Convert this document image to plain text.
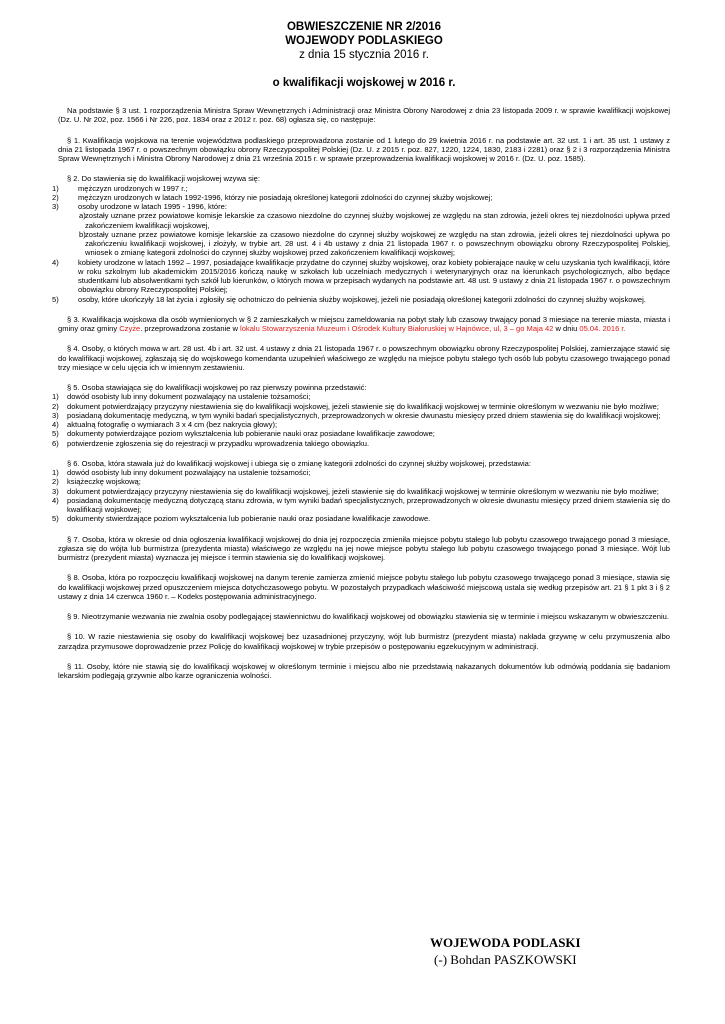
OBWIESZCZENIE NR 2/2016
WOJEWODY PODLASKIEGO
z dnia 15 stycznia 2016 r.
o kwalifikacji wojskowej w 2016 r.

Na podstawie § 3 ust. 1 rozporządzenia Ministra Spraw Wewnętrznych i Administracji oraz Ministra Obrony Narodowej z dnia 23 listopada 2009 r. w sprawie kwalifikacji wojskowej (Dz. U. Nr 202, poz. 1566 i Nr 226, poz. 1834 oraz z 2012 r. poz. 68) ogłasza się, co następuje:

§ 1. Kwalifikacja wojskowa na terenie województwa podlaskiego przeprowadzona zostanie od 1 lutego do 29 kwietnia 2016 r. na podstawie art. 32 ust. 1 i art. 35 ust. 1 ustawy z dnia 21 listopada 1967 r. o powszechnym obowiązku obrony Rzeczypospolitej Polskiej (Dz. U. z 2015 r. poz. 827, 1220, 1224, 1830, 2183 i 2281) oraz § 2 i 3 rozporządzenia Ministra Spraw Wewnętrznych i Ministra Obrony Narodowej z dnia 21 września 2015 r. w sprawie przeprowadzenia kwalifikacji wojskowej w 2016 r. (Dz. U. poz. 1585).

§ 2. Do stawienia się do kwalifikacji wojskowej wzywa się:

1)	mężczyzn urodzonych w 1997 r.;
2)	mężczyzn urodzonych w latach 1992-1996, którzy nie posiadają określonej kategorii zdolności do czynnej służby wojskowej;
3)	osoby urodzone w latach 1995 - 1996, które:
a) zostały uznane przez powiatowe komisje lekarskie za czasowo niezdolne do czynnej służby wojskowej ze względu na stan zdrowia, jeżeli okres tej niezdolności upływa przed zakończeniem kwalifikacji wojskowej,
b) zostały uznane przez powiatowe komisje lekarskie za czasowo niezdolne do czynnej służby wojskowej ze względu na stan zdrowia, jeżeli okres tej niezdolności upływa po zakończeniu kwalifikacji wojskowej, i złożyły, w trybie art. 28 ust. 4 i 4b ustawy z dnia 21 listopada 1967 r. o powszechnym obowiązku obrony Rzeczypospolitej Polskiej, wniosek o zmianę kategorii zdolności do czynnej służby wojskowej przed zakończeniem kwalifikacji wojskowej;
4)	kobiety urodzone w latach 1992 – 1997, posiadające kwalifikacje przydatne do czynnej służby wojskowej, oraz kobiety pobierające naukę w celu uzyskania tych kwalifikacji, które w roku szkolnym lub akademickim 2015/2016 kończą naukę w szkołach lub uczelniach medycznych i weterynaryjnych oraz na kierunkach psychologicznych, albo będące studentkami lub absolwentkami tych szkół lub kierunków, o których mowa w przepisach wydanych na podstawie art. 48 ust. 9 ustawy z dnia 21 listopada 1967 r. o powszechnym obowiązku obrony Rzeczypospolitej Polskiej;
5)	osoby, które ukończyły 18 lat życia i zgłosiły się ochotniczo do pełnienia służby wojskowej, jeżeli nie posiadają określonej kategorii zdolności do czynnej służby wojskowej.

§ 3. Kwalifikacja wojskowa dla osób wymienionych w § 2 zamieszkałych w miejscu zameldowania na pobyt stały lub czasowy trwający ponad 3 miesiące na terenie miasta, miasta i gminy oraz gminy Czyże. przeprowadzona zostanie w lokalu Stowarzyszenia Muzeum i Ośrodek Kultury Białoruskiej w Hajnówce, ul, 3 – go Maja 42 w dniu 05.04. 2016 r.

§ 4. Osoby, o których mowa w art. 28 ust. 4b i art. 32 ust. 4 ustawy z dnia 21 listopada 1967 r. o powszechnym obowiązku obrony Rzeczypospolitej Polskiej, zamierzające stawić się do kwalifikacji wojskowej, zgłaszają się do wojskowego komendanta uzupełnień właściwego ze względu na miejsce pobytu stałego tych osób lub pobytu czasowego trwającego ponad trzy miesiące w celu ujęcia ich w imiennym zestawieniu.

§ 5. Osoba stawiająca się do kwalifikacji wojskowej po raz pierwszy powinna przedstawić:

1) dowód osobisty lub inny dokument pozwalający na ustalenie tożsamości;
2) dokument potwierdzający przyczyny niestawienia się do kwalifikacji wojskowej, jeżeli stawienie się do kwalifikacji wojskowej w terminie określonym w wezwaniu nie było możliwe;
3) posiadaną dokumentację medyczną, w tym wyniki badań specjalistycznych, przeprowadzonych w okresie dwunastu miesięcy przed dniem stawienia się do kwalifikacji wojskowej;
4) aktualną fotografię o wymiarach 3 x 4 cm (bez nakrycia głowy);
5) dokumenty potwierdzające poziom wykształcenia lub pobieranie nauki oraz posiadane kwalifikacje zawodowe;
6) potwierdzenie zgłoszenia się do rejestracji w przypadku wprowadzenia takiego obowiązku.

§ 6. Osoba, która stawała już do kwalifikacji wojskowej i ubiega się o zmianę kategorii zdolności do czynnej służby wojskowej, przedstawia:

1) dowód osobisty lub inny dokument pozwalający na ustalenie tożsamości;
2) książeczkę wojskową;
3) dokument potwierdzający przyczyny niestawienia się do kwalifikacji wojskowej, jeżeli stawienie się do kwalifikacji wojskowej w terminie określonym w wezwaniu nie było możliwe;
4) posiadaną dokumentację medyczną dotyczącą stanu zdrowia, w tym wyniki badań specjalistycznych, przeprowadzonych w okresie dwunastu miesięcy przed dniem stawienia się do kwalifikacji wojskowej;
5) dokumenty stwierdzające poziom wykształcenia lub pobieranie nauki oraz posiadane kwalifikacje zawodowe.

§ 7. Osoba, która w okresie od dnia ogłoszenia kwalifikacji wojskowej do dnia jej rozpoczęcia zmieniła miejsce pobytu stałego lub pobytu czasowego trwającego ponad 3 miesiące, zgłasza się do wójta lub burmistrza (prezydenta miasta) właściwego ze względu na jej nowe miejsce pobytu stałego lub pobytu czasowego trwającego ponad 3 miesiące. Wójt lub burmistrz (prezydent miasta) wyznacza jej miejsce i termin stawienia się do kwalifikacji wojskowej.

§ 8. Osoba, która po rozpoczęciu kwalifikacji wojskowej na danym terenie zamierza zmienić miejsce pobytu stałego lub pobytu czasowego trwającego ponad 3 miesiące, stawia się do kwalifikacji wojskowej przed opuszczeniem miejsca dotychczasowego pobytu. W pozostałych przypadkach właściwość miejscową ustala się według przepisów art. 21 § 1 pkt 3 i § 2 ustawy z dnia 14 czerwca 1960 r. – Kodeks postępowania administracyjnego.

§ 9. Nieotrzymanie wezwania nie zwalnia osoby podlegającej stawiennictwu do kwalifikacji wojskowej od obowiązku stawienia się w terminie i miejscu wskazanym w obwieszczeniu.

§ 10. W razie niestawienia się osoby do kwalifikacji wojskowej bez uzasadnionej przyczyny, wójt lub burmistrz (prezydent miasta) nakłada grzywnę w celu przymuszenia albo zarządza przymusowe doprowadzenie przez Policję do kwalifikacji wojskowej w trybie przepisów o postępowaniu egzekucyjnym w administracji.

§ 11. Osoby, które nie stawią się do kwalifikacji wojskowej w określonym terminie i miejscu albo nie przedstawią nakazanych dokumentów lub odmówią poddania się badaniom lekarskim podlegają grzywnie albo karze ograniczenia wolności.

WOJEWODA PODLASKI
(-) Bohdan PASZKOWSKI
